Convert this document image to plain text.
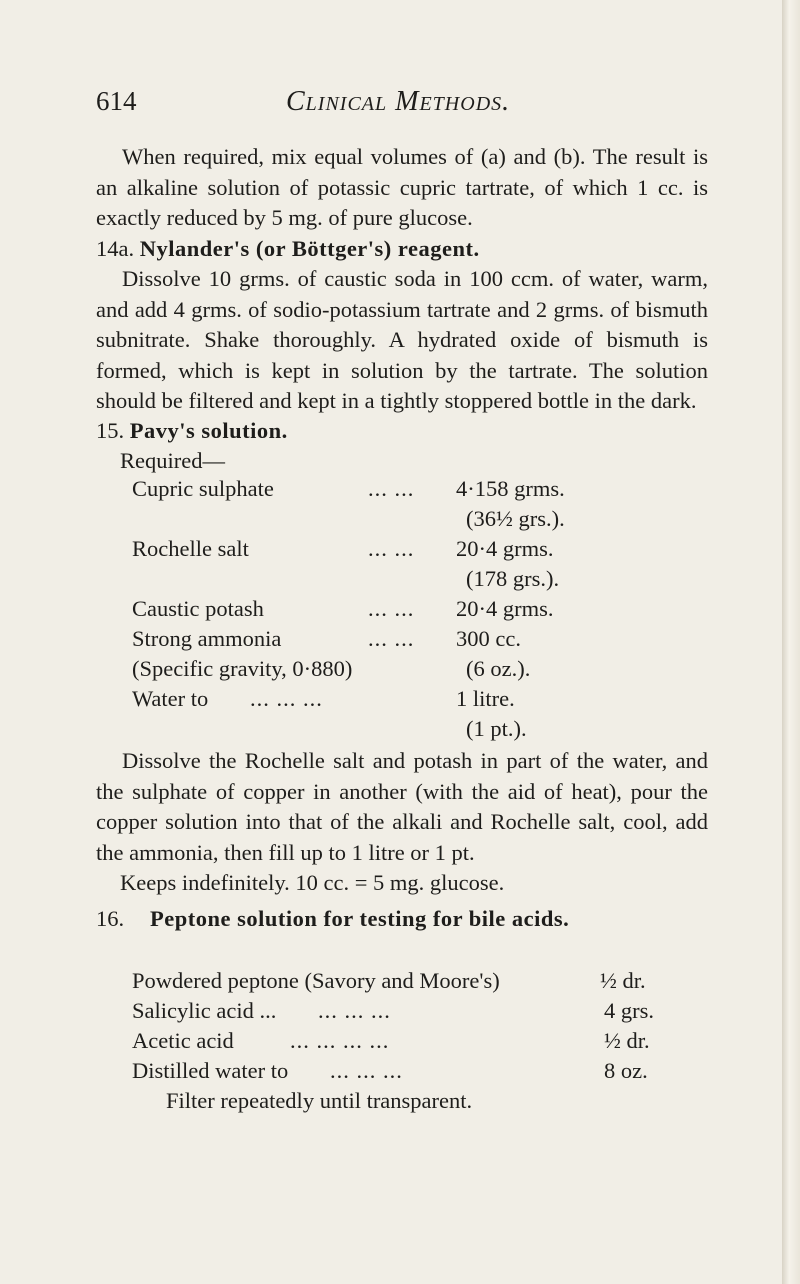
614	Clinical Methods.

When required, mix equal volumes of (a) and (b). The result is an alkaline solution of potassic cupric tartrate, of which 1 cc. is exactly reduced by 5 mg. of pure glucose.

14a. Nylander's (or Böttger's) reagent.

Dissolve 10 grms. of caustic soda in 100 ccm. of water, warm, and add 4 grms. of sodio-potassium tartrate and 2 grms. of bismuth subnitrate. Shake thoroughly. A hydrated oxide of bismuth is formed, which is kept in solution by the tartrate. The solution should be filtered and kept in a tightly stoppered bottle in the dark.

15. Pavy's solution.
Required—
Cupric sulphate	... ... 4·158 grms.
(36½ grs.).
Rochelle salt	... ... 20·4 grms.
(178 grs.).
Caustic potash	... ... 20·4 grms.
Strong ammonia	... ... 300 cc.
(Specific gravity, 0·880)	(6 oz.).
Water to ... ... ...	1 litre.
(1 pt.).

Dissolve the Rochelle salt and potash in part of the water, and the sulphate of copper in another (with the aid of heat), pour the copper solution into that of the alkali and Rochelle salt, cool, add the ammonia, then fill up to 1 litre or 1 pt.

Keeps indefinitely. 10 cc. = 5 mg. glucose.
16. Peptone solution for testing for bile acids.

Powdered peptone (Savory and Moore's)	½ dr.
Salicylic acid ... ... ... ...	4 grs.
Acetic acid ... ... ... ...	½ dr.
Distilled water to ... ... ...	8 oz.
Filter repeatedly until transparent.
